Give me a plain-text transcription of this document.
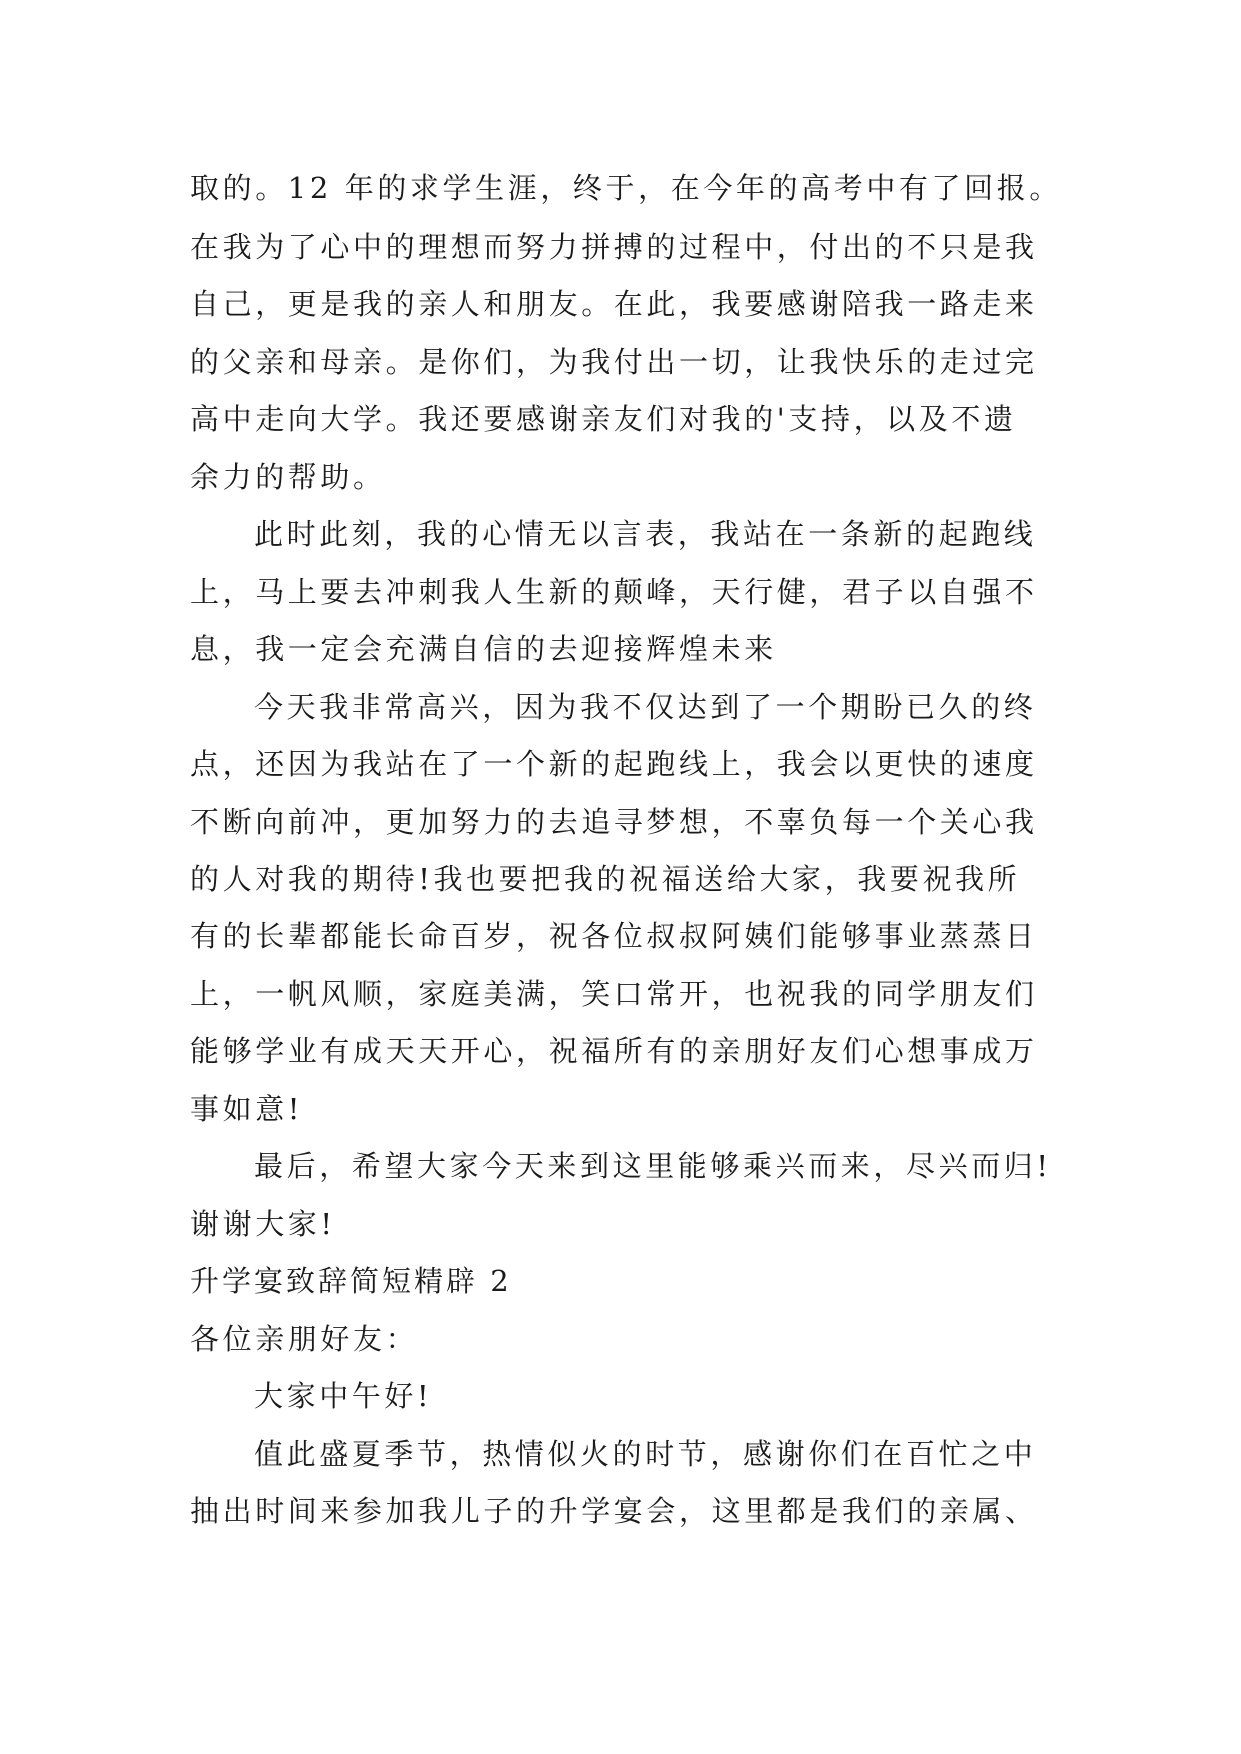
取的。12 年的求学生涯，终于，在今年的高考中有了回报。
在我为了心中的理想而努力拼搏的过程中，付出的不只是我
自己，更是我的亲人和朋友。在此，我要感谢陪我一路走来
的父亲和母亲。是你们，为我付出一切，让我快乐的走过完
高中走向大学。我还要感谢亲友们对我的'支持，以及不遗
余力的帮助。
此时此刻，我的心情无以言表，我站在一条新的起跑线
上，马上要去冲刺我人生新的颠峰，天行健，君子以自强不
息，我一定会充满自信的去迎接辉煌未来
今天我非常高兴，因为我不仅达到了一个期盼已久的终
点，还因为我站在了一个新的起跑线上，我会以更快的速度
不断向前冲，更加努力的去追寻梦想，不辜负每一个关心我
的人对我的期待!我也要把我的祝福送给大家，我要祝我所
有的长辈都能长命百岁，祝各位叔叔阿姨们能够事业蒸蒸日
上，一帆风顺，家庭美满，笑口常开，也祝我的同学朋友们
能够学业有成天天开心，祝福所有的亲朋好友们心想事成万
事如意!
最后，希望大家今天来到这里能够乘兴而来，尽兴而归!
谢谢大家!
升学宴致辞简短精辟 2
各位亲朋好友：
大家中午好!
值此盛夏季节，热情似火的时节，感谢你们在百忙之中
抽出时间来参加我儿子的升学宴会，这里都是我们的亲属、
